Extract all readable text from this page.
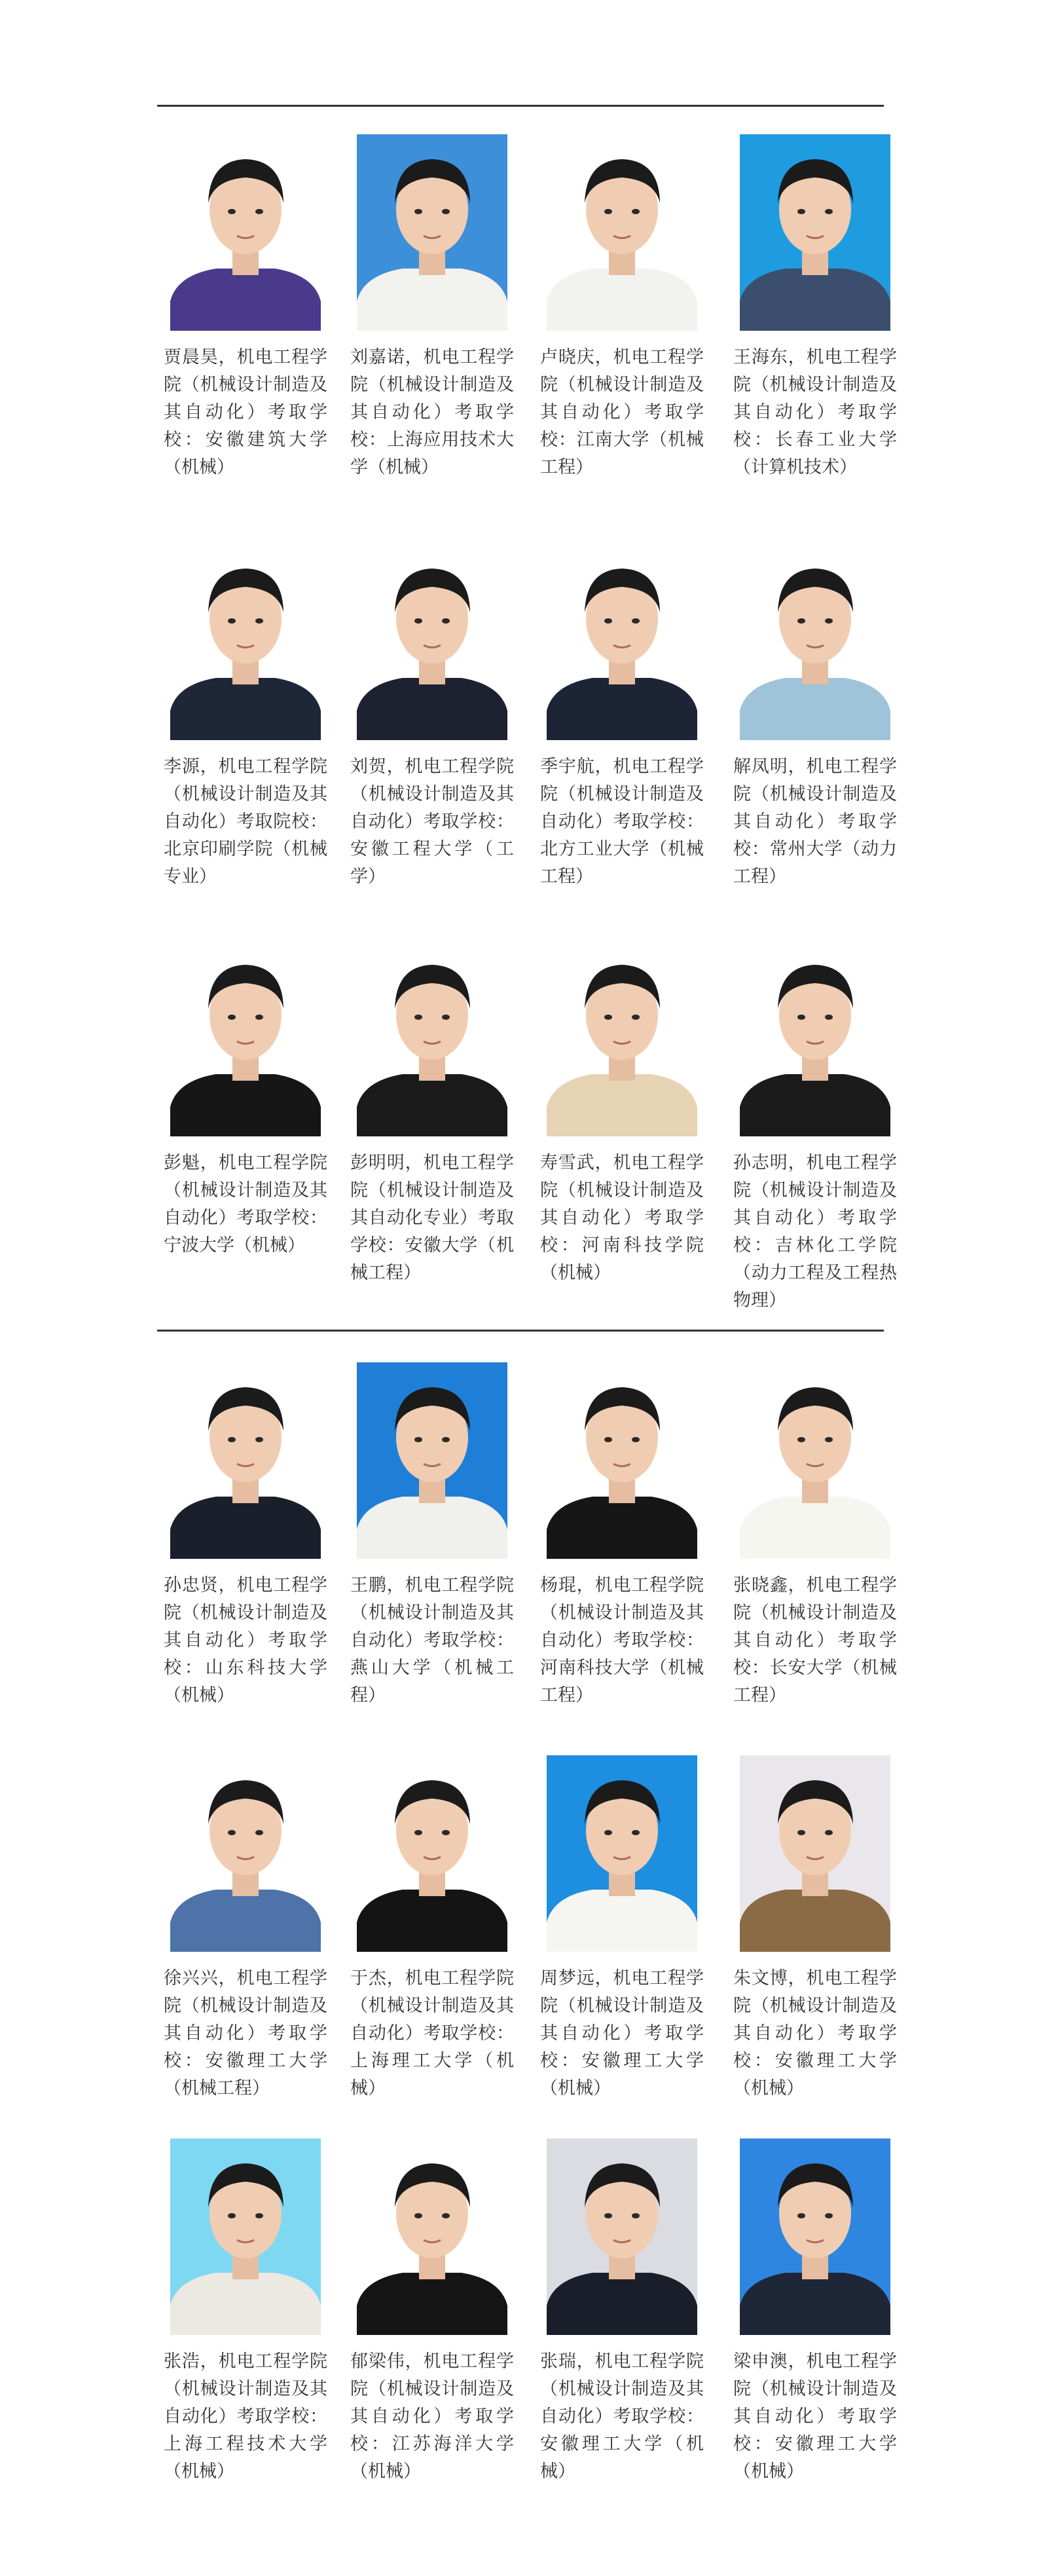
贾晨昊，机电工程学院（机械设计制造及其自动化）考取学校：安徽建筑大学（机械）
刘嘉诺，机电工程学院（机械设计制造及其自动化）考取学校：上海应用技术大学（机械）
卢晓庆，机电工程学院（机械设计制造及其自动化）考取学校：江南大学（机械工程）
王海东，机电工程学院（机械设计制造及其自动化）考取学校：长春工业大学（计算机技术）
李源，机电工程学院（机械设计制造及其自动化）考取院校：北京印刷学院（机械专业）
刘贺，机电工程学院（机械设计制造及其自动化）考取学校：安徽工程大学（工学）
季宇航，机电工程学院（机械设计制造及自动化）考取学校：北方工业大学（机械工程）
解凤明，机电工程学院（机械设计制造及其自动化）考取学校：常州大学（动力工程）
彭魁，机电工程学院（机械设计制造及其自动化）考取学校：宁波大学（机械）
彭明明，机电工程学院（机械设计制造及其自动化专业）考取学校：安徽大学（机械工程）
寿雪武，机电工程学院（机械设计制造及其自动化）考取学校：河南科技学院（机械）
孙志明，机电工程学院（机械设计制造及其自动化）考取学校：吉林化工学院（动力工程及工程热物理）
孙忠贤，机电工程学院（机械设计制造及其自动化）考取学校：山东科技大学（机械）
王鹏，机电工程学院（机械设计制造及其自动化）考取学校：燕山大学（机械工程）
杨琨，机电工程学院（机械设计制造及其自动化）考取学校：河南科技大学（机械工程）
张晓鑫，机电工程学院（机械设计制造及其自动化）考取学校：长安大学（机械工程）
徐兴兴，机电工程学院（机械设计制造及其自动化）考取学校：安徽理工大学（机械工程）
于杰，机电工程学院（机械设计制造及其自动化）考取学校：上海理工大学（机械）
周梦远，机电工程学院（机械设计制造及其自动化）考取学校：安徽理工大学（机械）
朱文博，机电工程学院（机械设计制造及其自动化）考取学校：安徽理工大学（机械）
张浩，机电工程学院（机械设计制造及其自动化）考取学校：上海工程技术大学（机械）
郁梁伟，机电工程学院（机械设计制造及其自动化）考取学校：江苏海洋大学（机械）
张瑞，机电工程学院（机械设计制造及其自动化）考取学校：安徽理工大学（机械）
梁申澳，机电工程学院（机械设计制造及其自动化）考取学校：安徽理工大学（机械）
